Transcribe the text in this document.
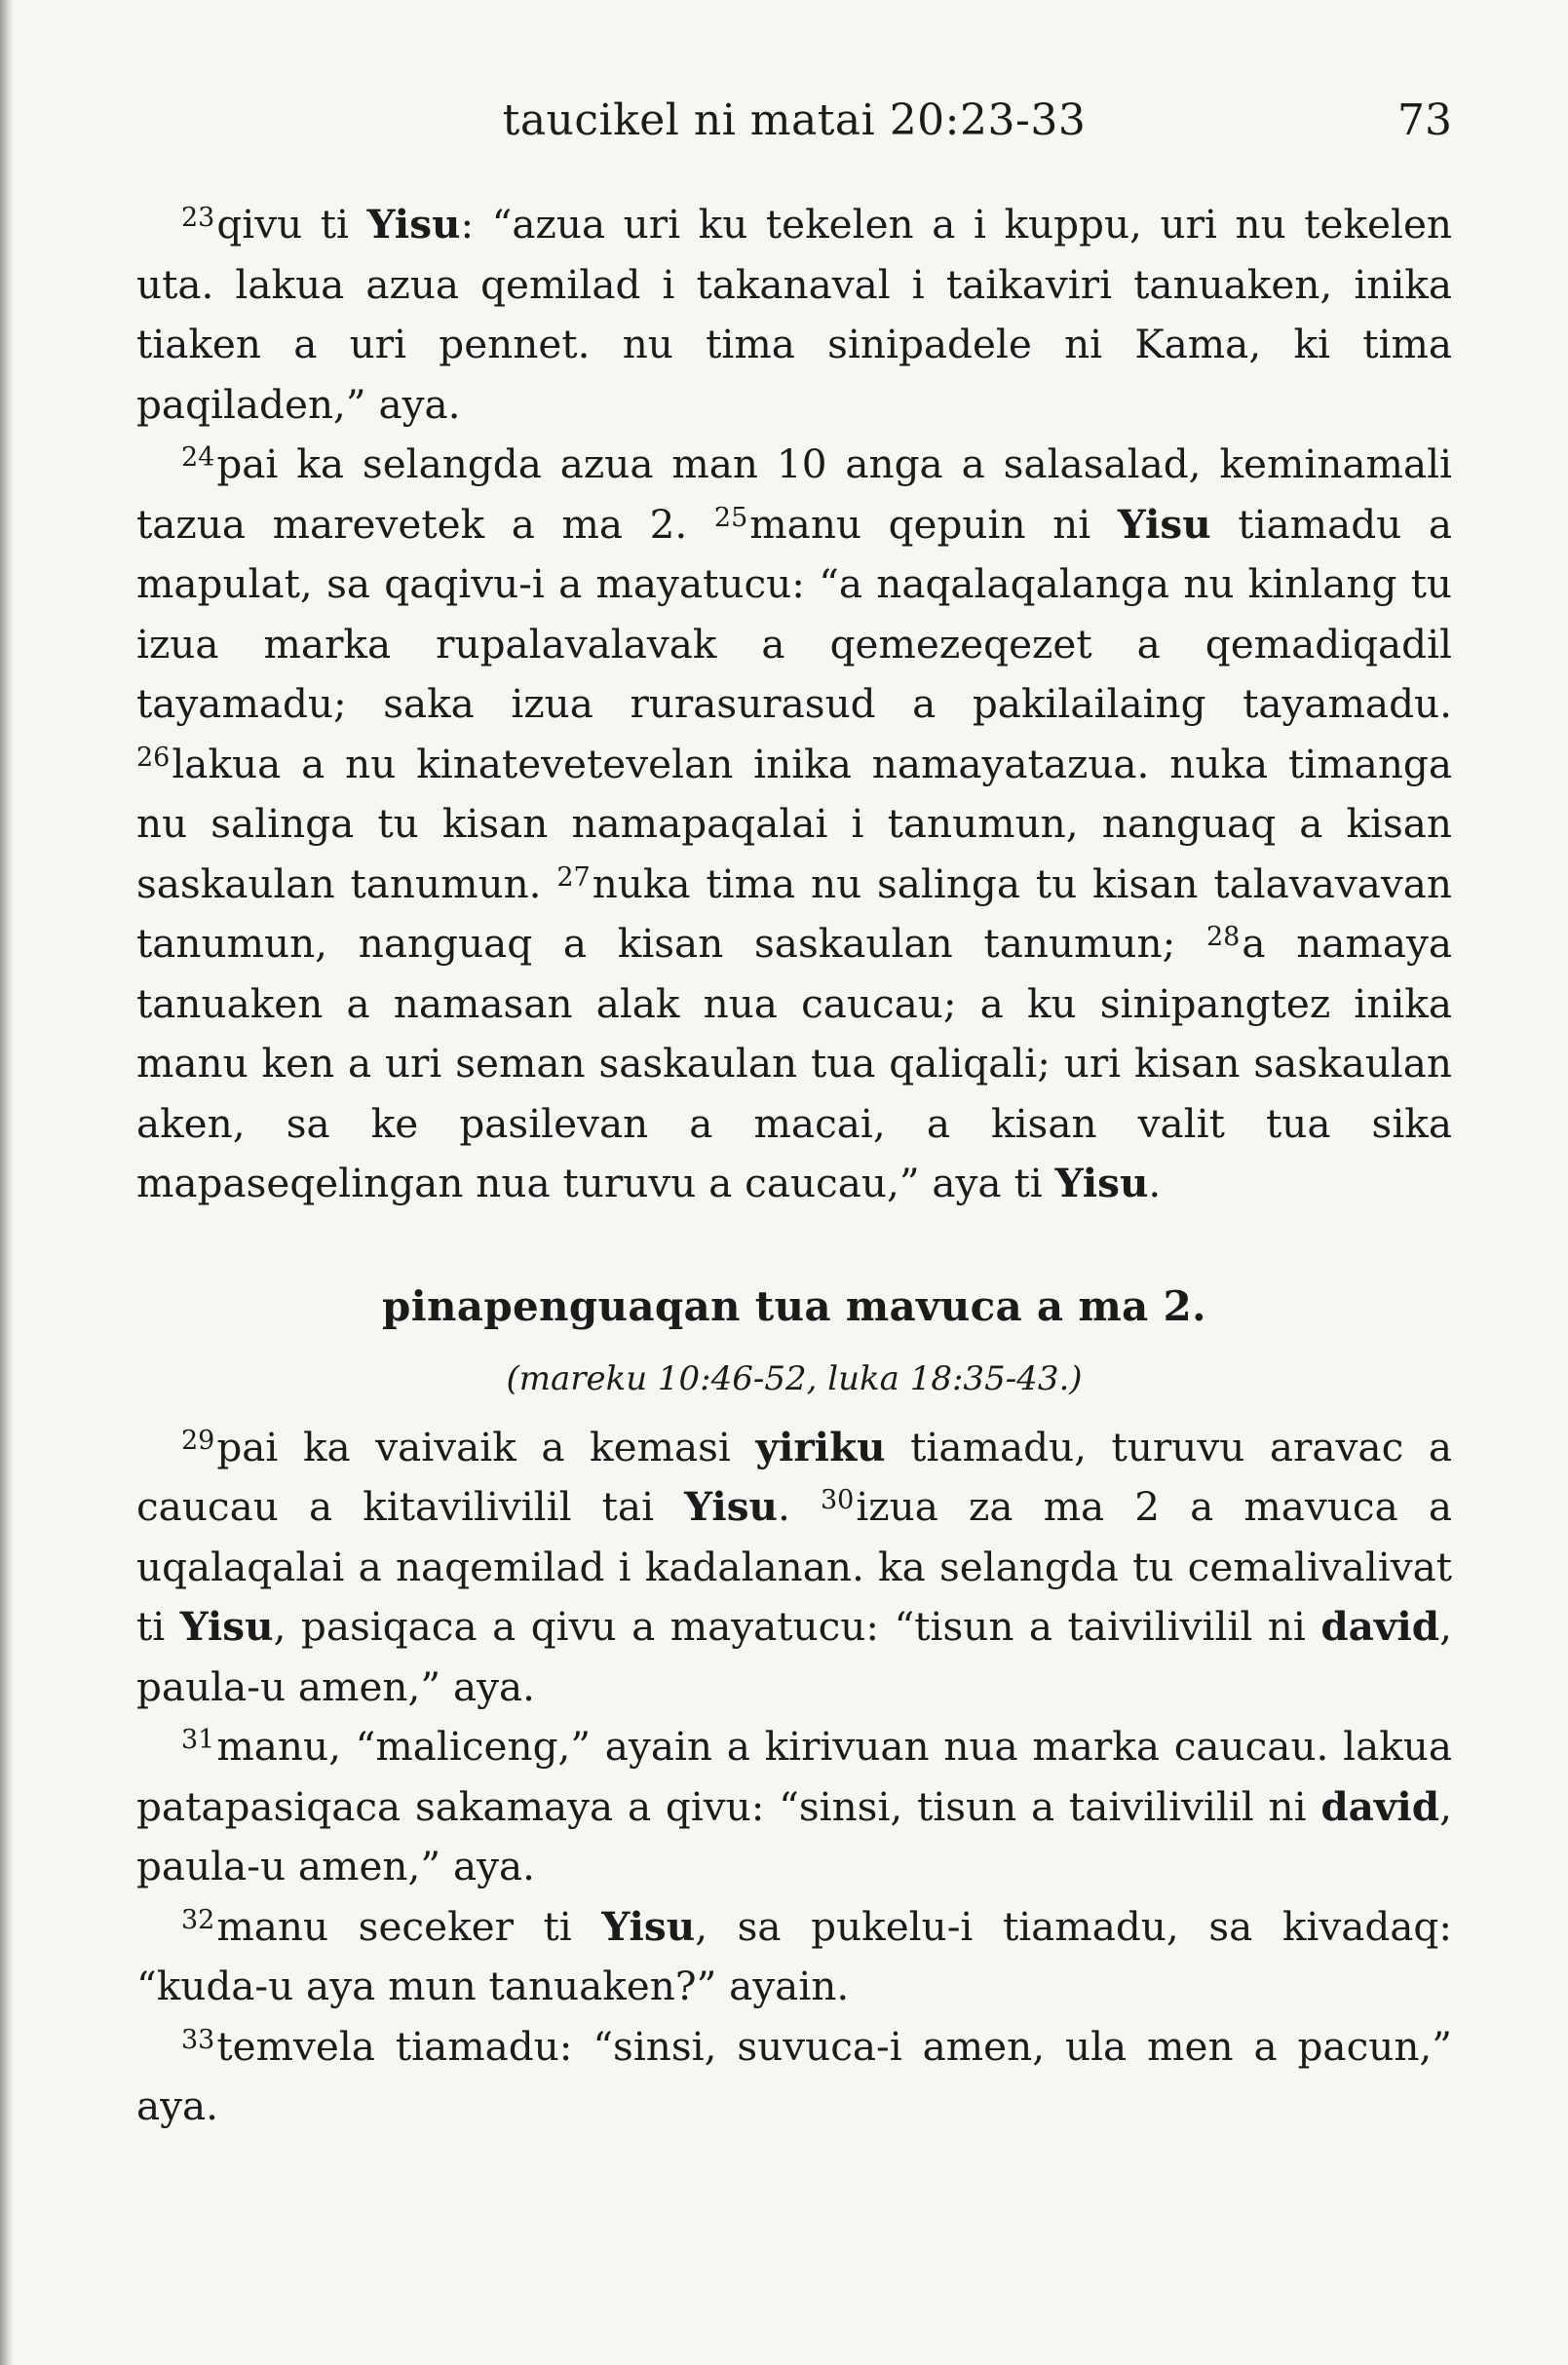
taucikel ni matai 20:23-33	73

$^{23}$qivu ti Yisu: “azua uri ku tekelen a i kuppu, uri nu tekelen uta. lakua azua qemilad i takanaval i taikaviri tanuaken, inika tiaken a uri pennet. nu tima sinipadele ni Kama, ki tima paqiladen,” aya.

$^{24}$pai ka selangda azua man 10 anga a salasalad, keminamali tazua marevetek a ma 2. $^{25}$manu qepuin ni Yisu tiamadu a mapulat, sa qaqivu-i a mayatucu: “a naqalaqalanga nu kinlang tu izua marka rupalavalavak a qemezeqezet a qemadiqadil tayamadu; saka izua rurasurasud a pakilailaing tayamadu. $^{26}$lakua a nu kinatevetevelan inika namayatazua. nuka timanga nu salinga tu kisan namapaqalai i tanumun, nanguaq a kisan saskaulan tanumun. $^{27}$nuka tima nu salinga tu kisan talavavavan tanumun, nanguaq a kisan saskaulan tanumun; $^{28}$a namaya tanuaken a namasan alak nua caucau; a ku sinipangtez inika manu ken a uri seman saskaulan tua qaliqali; uri kisan saskaulan aken, sa ke pasilevan a macai, a kisan valit tua sika mapaseqelingan nua turuvu a caucau,” aya ti Yisu.

pinapenguaqan tua mavuca a ma 2.
(mareku 10:46-52, luka 18:35-43.)

$^{29}$pai ka vaivaik a kemasi yiriku tiamadu, turuvu aravac a caucau a kitavilivilil tai Yisu. $^{30}$izua za ma 2 a mavuca a uqalaqalai a naqemilad i kadalanan. ka selangda tu cemalivalivat ti Yisu, pasiqaca a qivu a mayatucu: “tisun a taivilivilil ni david, paula-u amen,” aya.

$^{31}$manu, “maliceng,” ayain a kirivuan nua marka caucau. lakua patapasiqaca sakamaya a qivu: “sinsi, tisun a taivilivilil ni david, paula-u amen,” aya.

$^{32}$manu seceker ti Yisu, sa pukelu-i tiamadu, sa kivadaq: “kuda-u aya mun tanuaken?” ayain.

$^{33}$temvela tiamadu: “sinsi, suvuca-i amen, ula men a pacun,” aya.
